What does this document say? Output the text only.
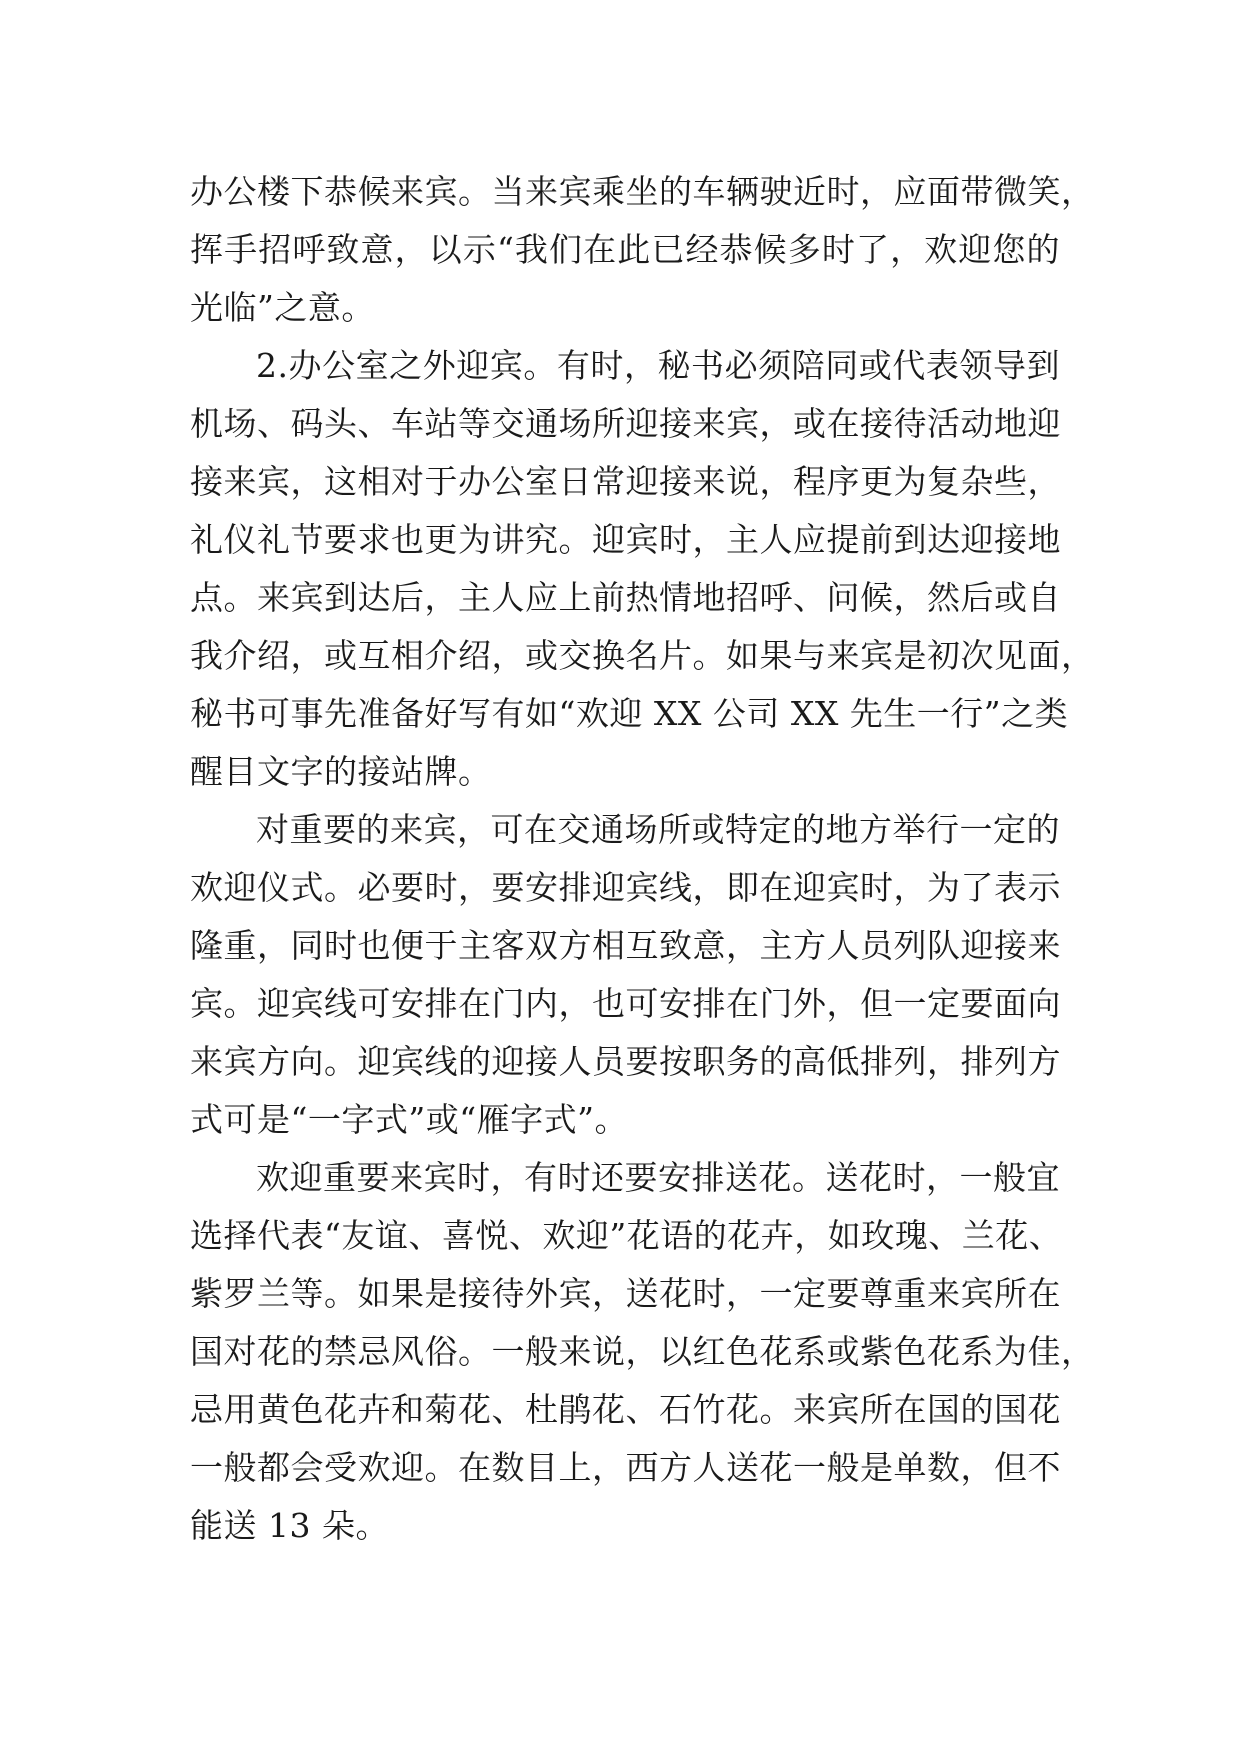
办公楼下恭候来宾。当来宾乘坐的车辆驶近时，应面带微笑，
挥手招呼致意，以示“我们在此已经恭候多时了，欢迎您的
光临”之意。
2.办公室之外迎宾。有时，秘书必须陪同或代表领导到
机场、码头、车站等交通场所迎接来宾，或在接待活动地迎
接来宾，这相对于办公室日常迎接来说，程序更为复杂些，
礼仪礼节要求也更为讲究。迎宾时，主人应提前到达迎接地
点。来宾到达后，主人应上前热情地招呼、问候，然后或自
我介绍，或互相介绍，或交换名片。如果与来宾是初次见面，
秘书可事先准备好写有如“欢迎 XX 公司 XX 先生一行”之类
醒目文字的接站牌。
对重要的来宾，可在交通场所或特定的地方举行一定的
欢迎仪式。必要时，要安排迎宾线，即在迎宾时，为了表示
隆重，同时也便于主客双方相互致意，主方人员列队迎接来
宾。迎宾线可安排在门内，也可安排在门外，但一定要面向
来宾方向。迎宾线的迎接人员要按职务的高低排列，排列方
式可是“一字式”或“雁字式”。
欢迎重要来宾时，有时还要安排送花。送花时，一般宜
选择代表“友谊、喜悦、欢迎”花语的花卉，如玫瑰、兰花、
紫罗兰等。如果是接待外宾，送花时，一定要尊重来宾所在
国对花的禁忌风俗。一般来说，以红色花系或紫色花系为佳，
忌用黄色花卉和菊花、杜鹃花、石竹花。来宾所在国的国花
一般都会受欢迎。在数目上，西方人送花一般是单数，但不
能送 13 朵。
